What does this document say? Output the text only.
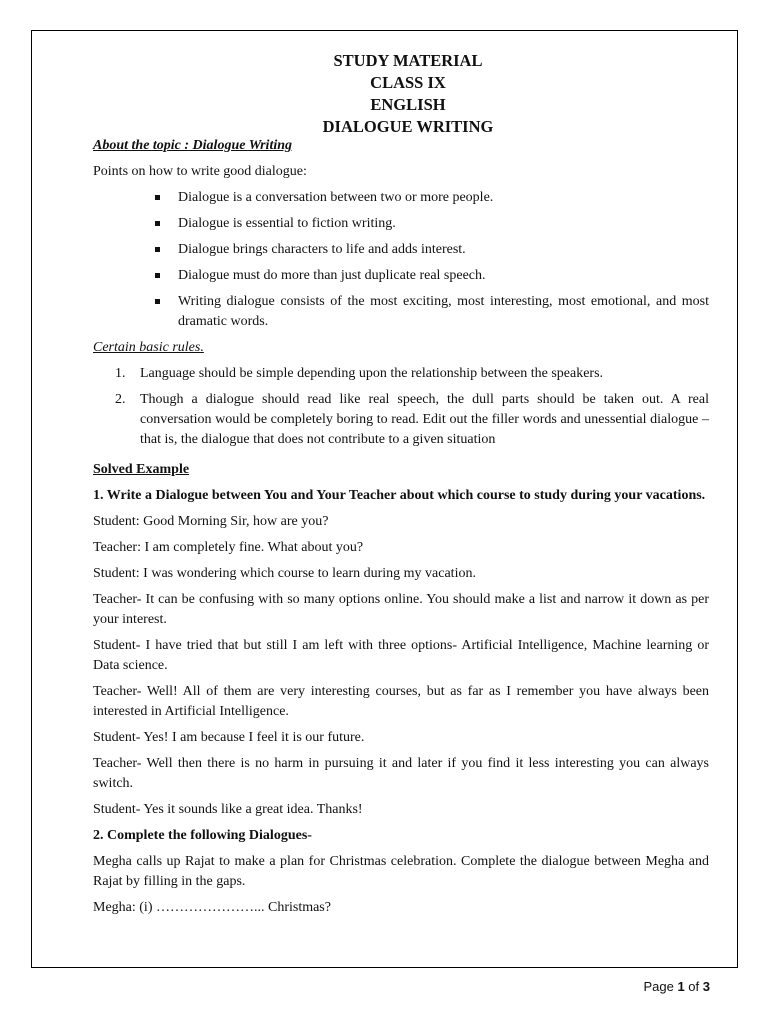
STUDY MATERIAL
CLASS IX
ENGLISH
DIALOGUE WRITING

About the topic : Dialogue Writing

Points on how to write good dialogue:

Dialogue is a conversation between two or more people.
Dialogue is essential to fiction writing.
Dialogue brings characters to life and adds interest.
Dialogue must do more than just duplicate real speech.
Writing dialogue consists of the most exciting, most interesting, most emotional, and most dramatic words.

Certain basic rules.

1. Language should be simple depending upon the relationship between the speakers.
2. Though a dialogue should read like real speech, the dull parts should be taken out. A real conversation would be completely boring to read. Edit out the filler words and unessential dialogue – that is, the dialogue that does not contribute to a given situation

Solved Example

1. Write a Dialogue between You and Your Teacher about which course to study during your vacations.

Student: Good Morning Sir, how are you?

Teacher: I am completely fine. What about you?

Student: I was wondering which course to learn during my vacation.

Teacher- It can be confusing with so many options online. You should make a list and narrow it down as per your interest.

Student- I have tried that but still I am left with three options- Artificial Intelligence, Machine learning or Data science.

Teacher- Well! All of them are very interesting courses, but as far as I remember you have always been interested in Artificial Intelligence.

Student- Yes! I am because I feel it is our future.

Teacher- Well then there is no harm in pursuing it and later if you find it less interesting you can always switch.

Student- Yes it sounds like a great idea. Thanks!

2. Complete the following Dialogues-

Megha calls up Rajat to make a plan for Christmas celebration. Complete the dialogue between Megha and Rajat by filling in the gaps.

Megha: (i) …………………... Christmas?

Page 1 of 3
